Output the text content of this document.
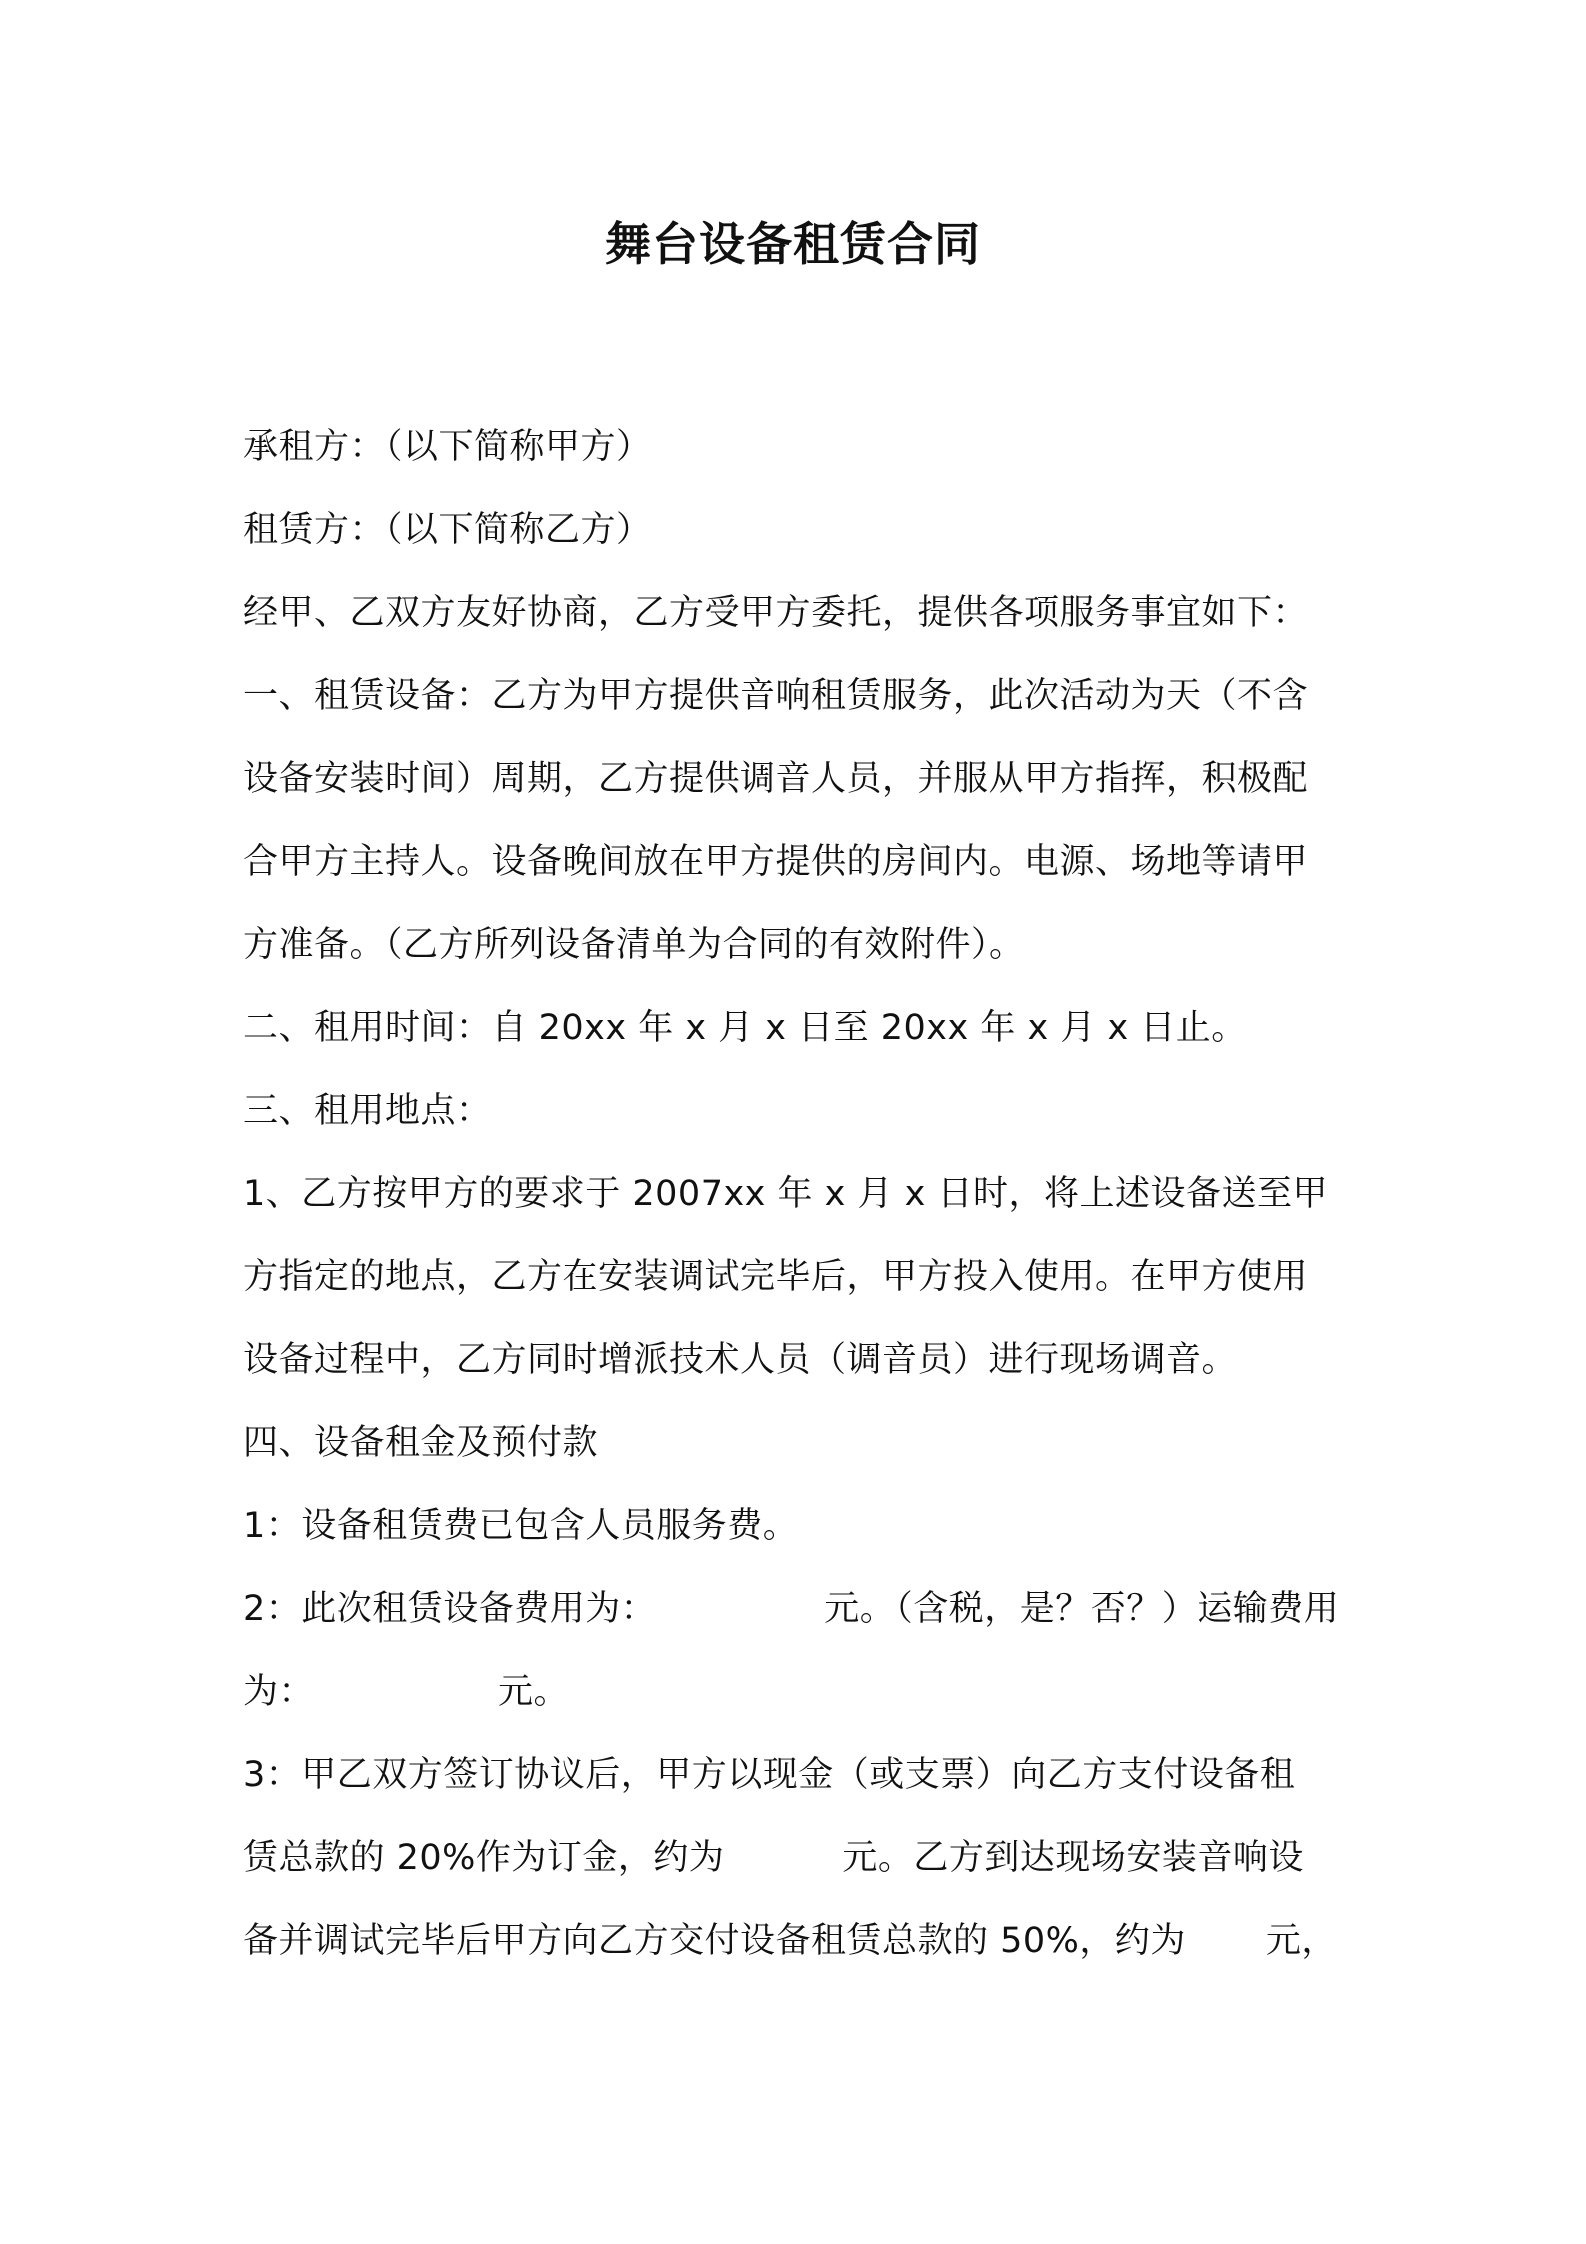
舞台设备租赁合同
承租方：（以下简称甲方）
租赁方：（以下简称乙方）
经甲、乙双方友好协商，乙方受甲方委托，提供各项服务事宜如下：
一、租赁设备：乙方为甲方提供音响租赁服务，此次活动为天（不含
设备安装时间）周期，乙方提供调音人员，并服从甲方指挥，积极配
合甲方主持人。设备晚间放在甲方提供的房间内。电源、场地等请甲
方准备。（乙方所列设备清单为合同的有效附件）。
二、租用时间：自 20xx 年 x 月 x 日至 20xx 年 x 月 x 日止。
三、租用地点：
1、乙方按甲方的要求于 2007xx 年 x 月 x 日时，将上述设备送至甲
方指定的地点，乙方在安装调试完毕后，甲方投入使用。在甲方使用
设备过程中，乙方同时增派技术人员（调音员）进行现场调音。
四、设备租金及预付款
1：设备租赁费已包含人员服务费。
2：此次租赁设备费用为：	元。（含税，是？否？）运输费用
为：	元。
3：甲乙双方签订协议后，甲方以现金（或支票）向乙方支付设备租
赁总款的 20%作为订金，约为	元。乙方到达现场安装音响设
备并调试完毕后甲方向乙方交付设备租赁总款的 50%，约为 元，
